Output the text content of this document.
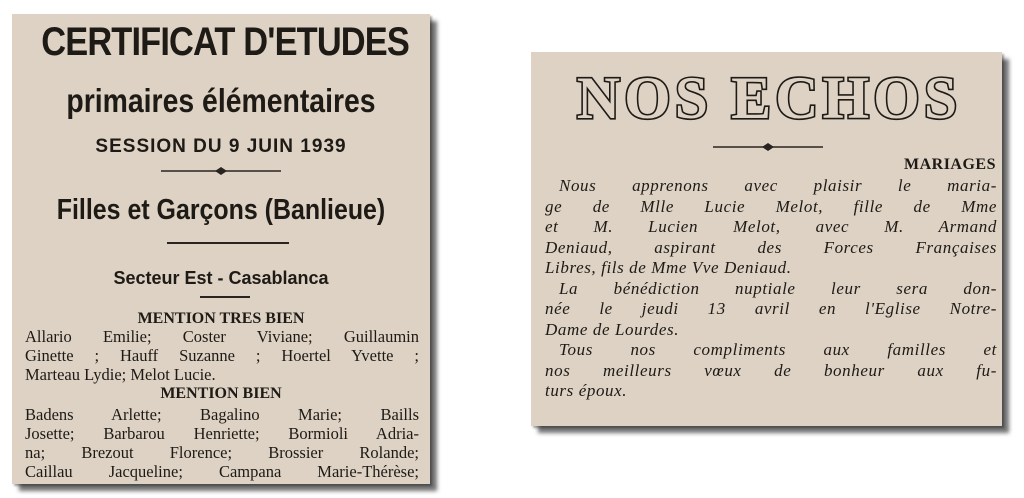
CERTIFICAT D'ETUDES
primaires élémentaires
SESSION DU 9 JUIN 1939
Filles et Garçons (Banlieue)
Secteur Est - Casablanca
MENTION TRES BIEN
Allario Emilie; Coster Viviane; Guillaumin
Ginette ; Hauff Suzanne ; Hoertel Yvette ;
Marteau Lydie; Melot Lucie.
MENTION BIEN
Badens Arlette; Bagalino Marie; Baills
Josette; Barbarou Henriette; Bormioli Adria-
na; Brezout Florence; Brossier Rolande;
Caillau Jacqueline; Campana Marie-Thérèse;
NOS ECHOS
MARIAGES
Nous apprenons avec plaisir le maria-
ge de Mlle Lucie Melot, fille de Mme
et M. Lucien Melot, avec M. Armand
Deniaud, aspirant des Forces Françaises
Libres, fils de Mme Vve Deniaud.
La bénédiction nuptiale leur sera don-
née le jeudi 13 avril en l'Eglise Notre-
Dame de Lourdes.
Tous nos compliments aux familles et
nos meilleurs vœux de bonheur aux fu-
turs époux.
